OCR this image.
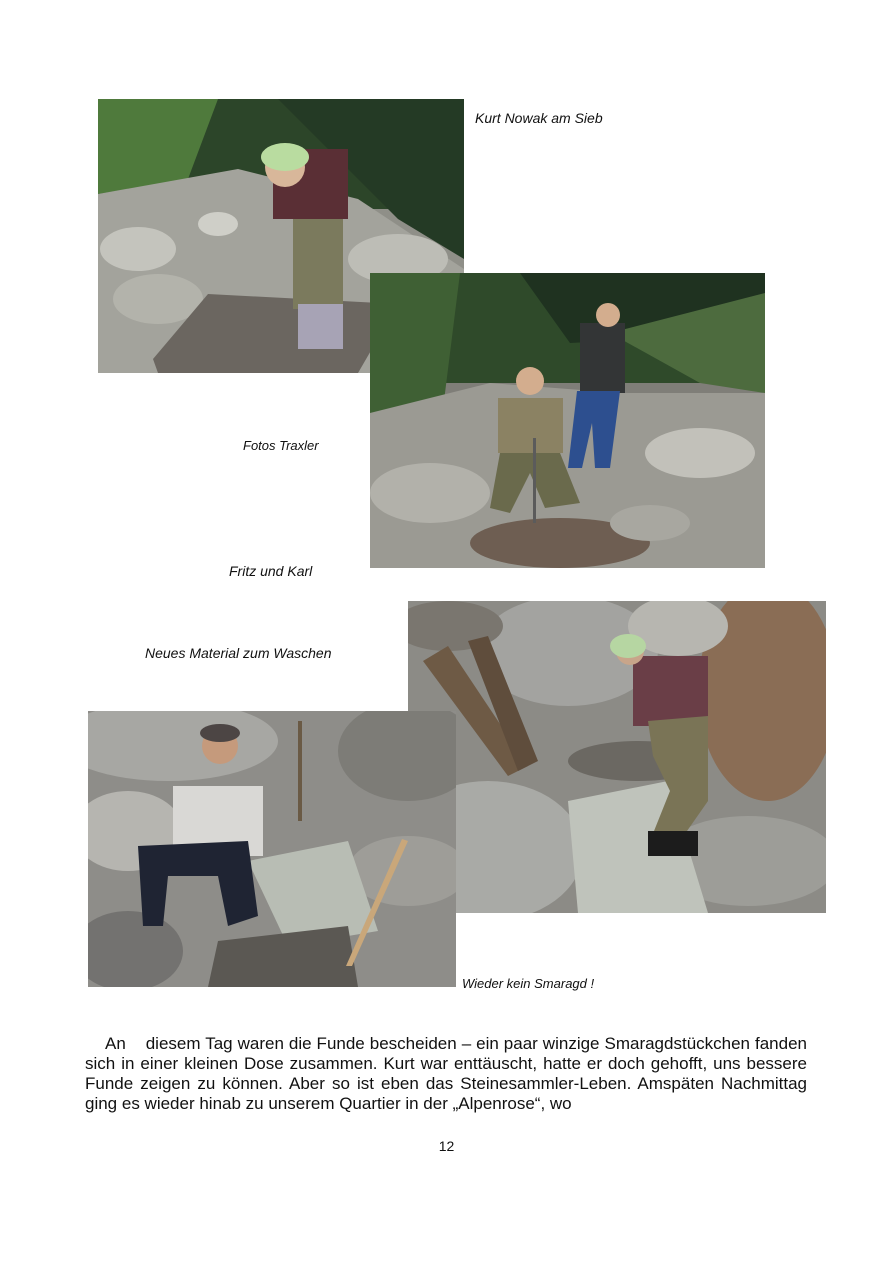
Kurt Nowak am Sieb
Fotos Traxler
Fritz und Karl
Neues Material zum Waschen
Wieder kein Smaragd !

An    diesem Tag waren die Funde bescheiden – ein paar winzige Smaragdstückchen fanden sich in einer kleinen Dose zusammen. Kurt war enttäuscht, hatte er doch gehofft, uns bessere Funde zeigen zu können. Aber so ist eben das Steinesammler-Leben. Amspäten Nachmittag ging es wieder hinab zu unserem Quartier in der „Alpenrose“, wo

12
